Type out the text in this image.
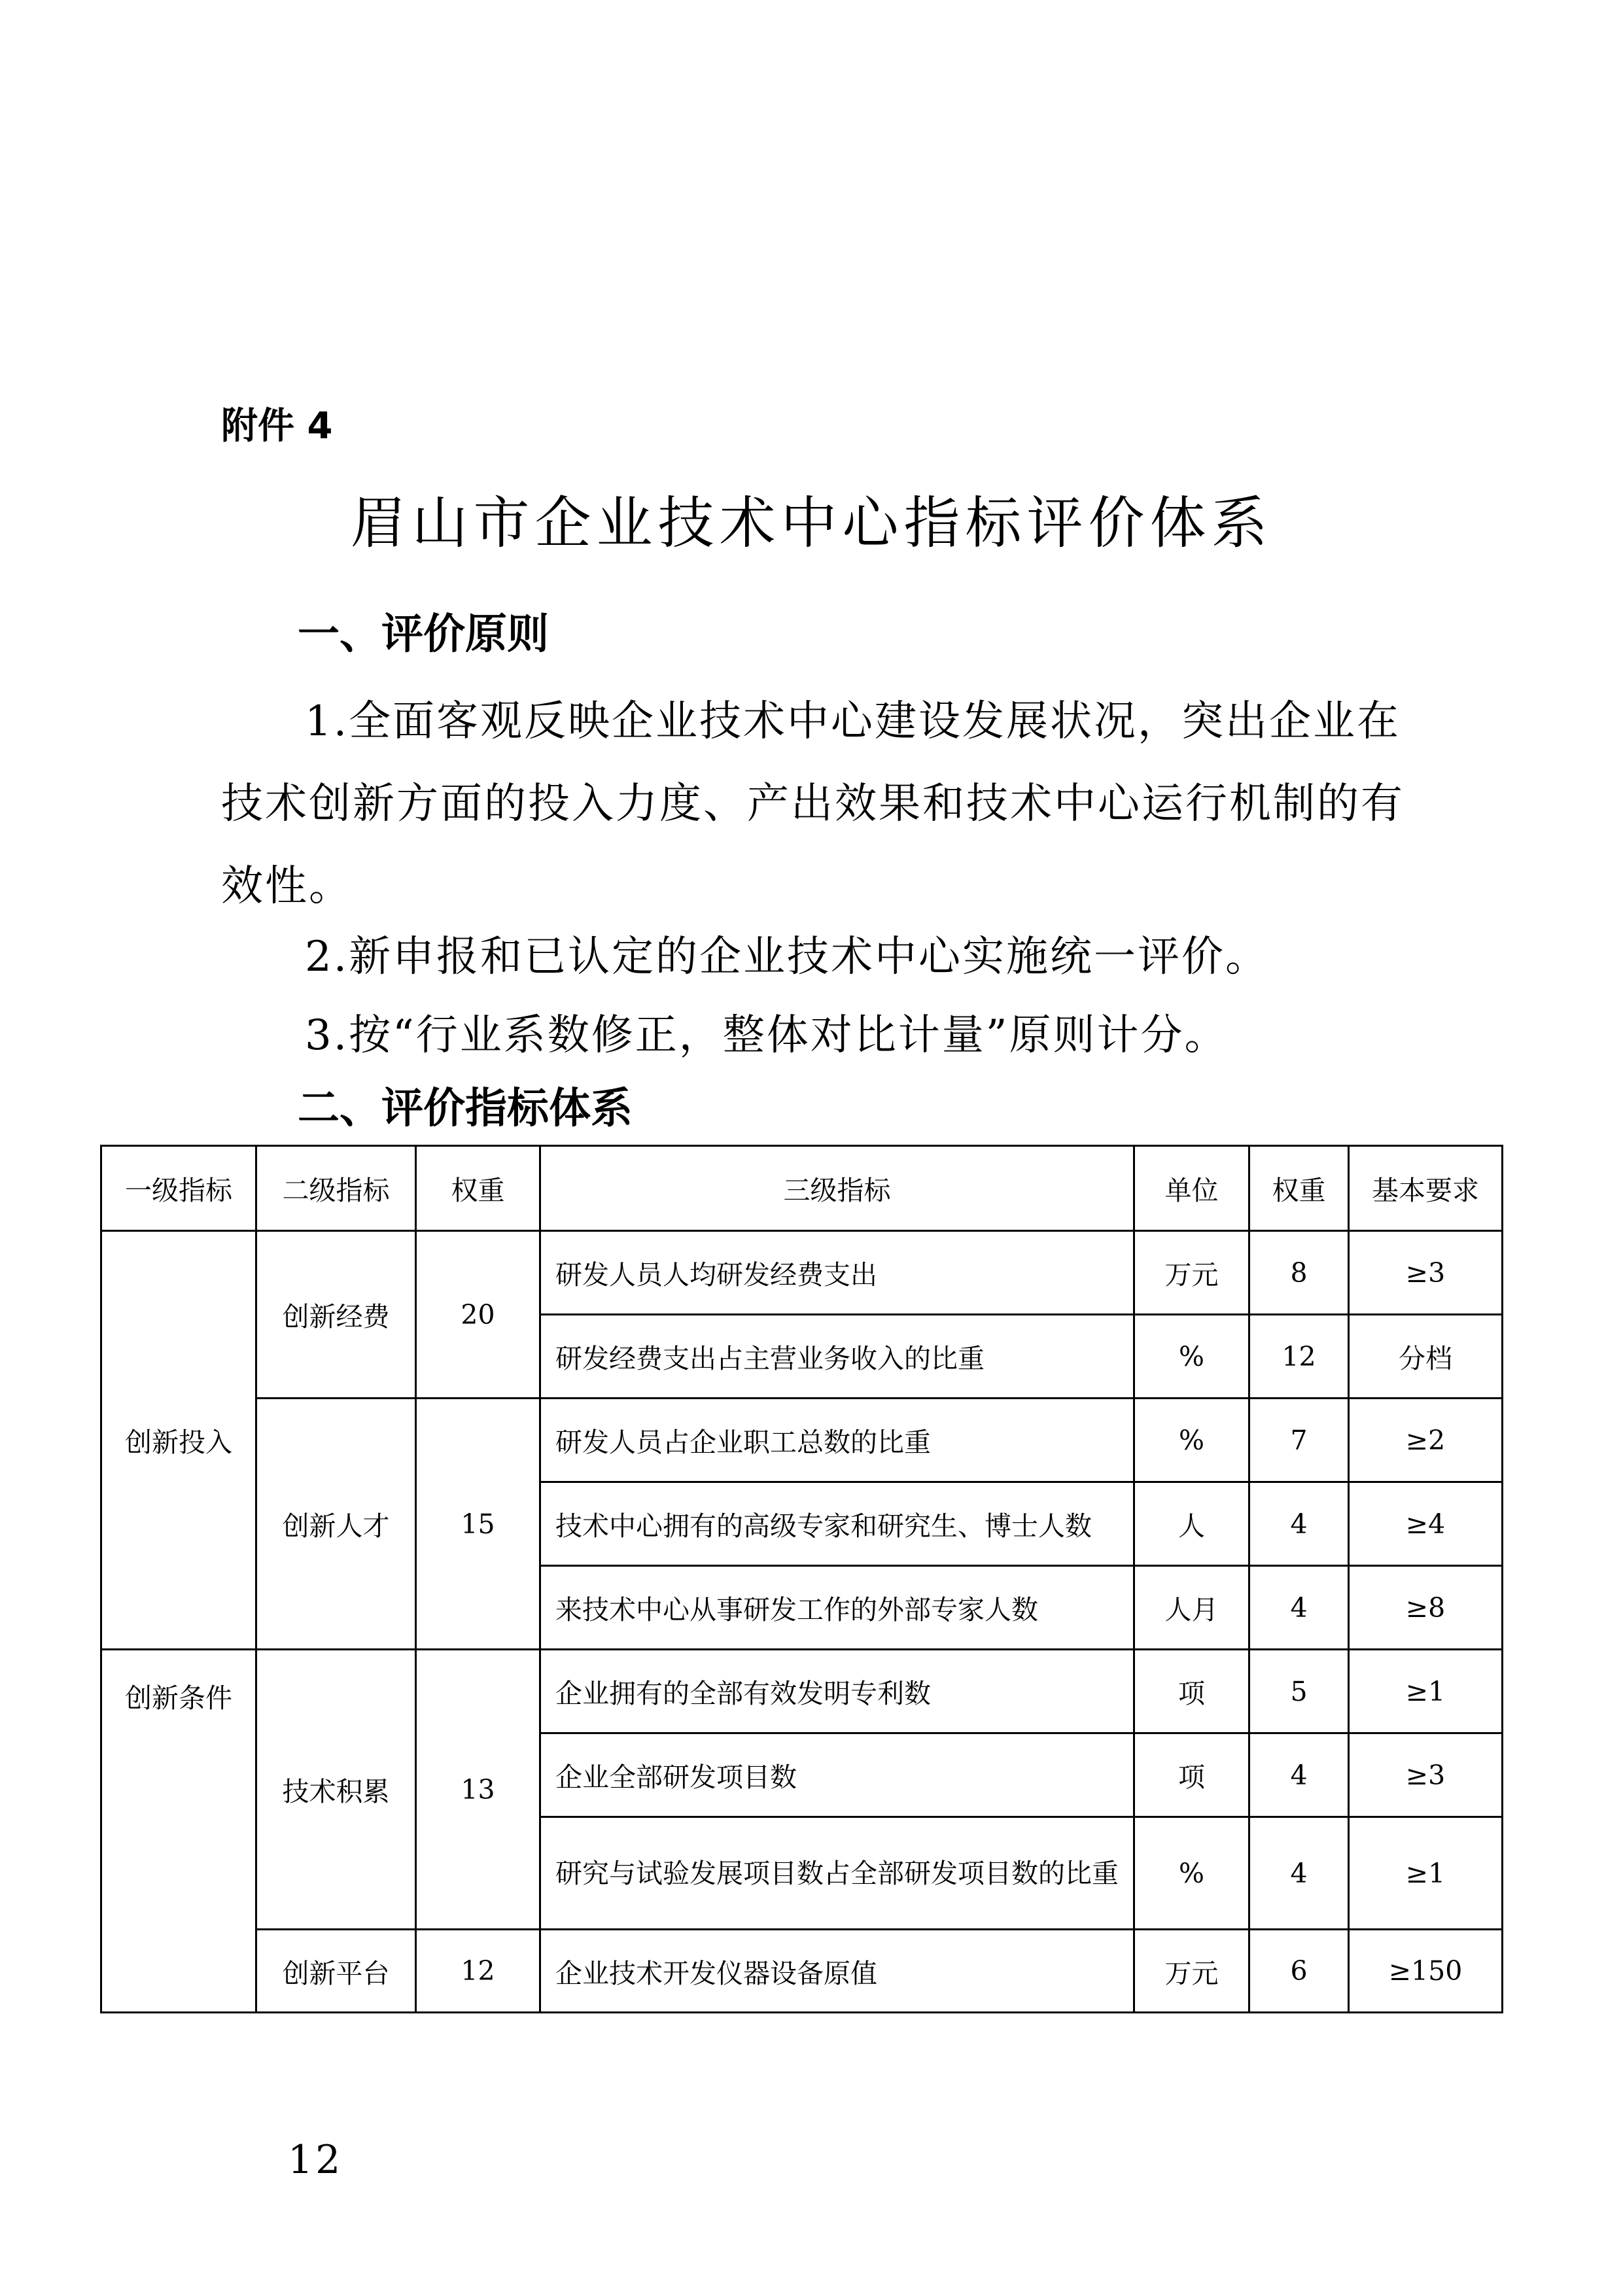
附件 4
眉山市企业技术中心指标评价体系
一、评价原则

1.全面客观反映企业技术中心建设发展状况，突出企业在技术创新方面的投入力度、产出效果和技术中心运行机制的有效性。

2.新申报和已认定的企业技术中心实施统一评价。

3.按“行业系数修正，整体对比计量”原则计分。

二、评价指标体系
一级指标	二级指标	权重	三级指标	单位	权重	基本要求
创新投入	创新经费	20	研发人员人均研发经费支出	万元	8	≥3
			研发经费支出占主营业务收入的比重	%	12	分档
	创新人才	15	研发人员占企业职工总数的比重	%	7	≥2
			技术中心拥有的高级专家和研究生、博士人数	人	4	≥4
			来技术中心从事研发工作的外部专家人数	人月	4	≥8
创新条件	技术积累	13	企业拥有的全部有效发明专利数	项	5	≥1
			企业全部研发项目数	项	4	≥3
			研究与试验发展项目数占全部研发项目数的比重	%	4	≥1
	创新平台	12	企业技术开发仪器设备原值	万元	6	≥150
12
